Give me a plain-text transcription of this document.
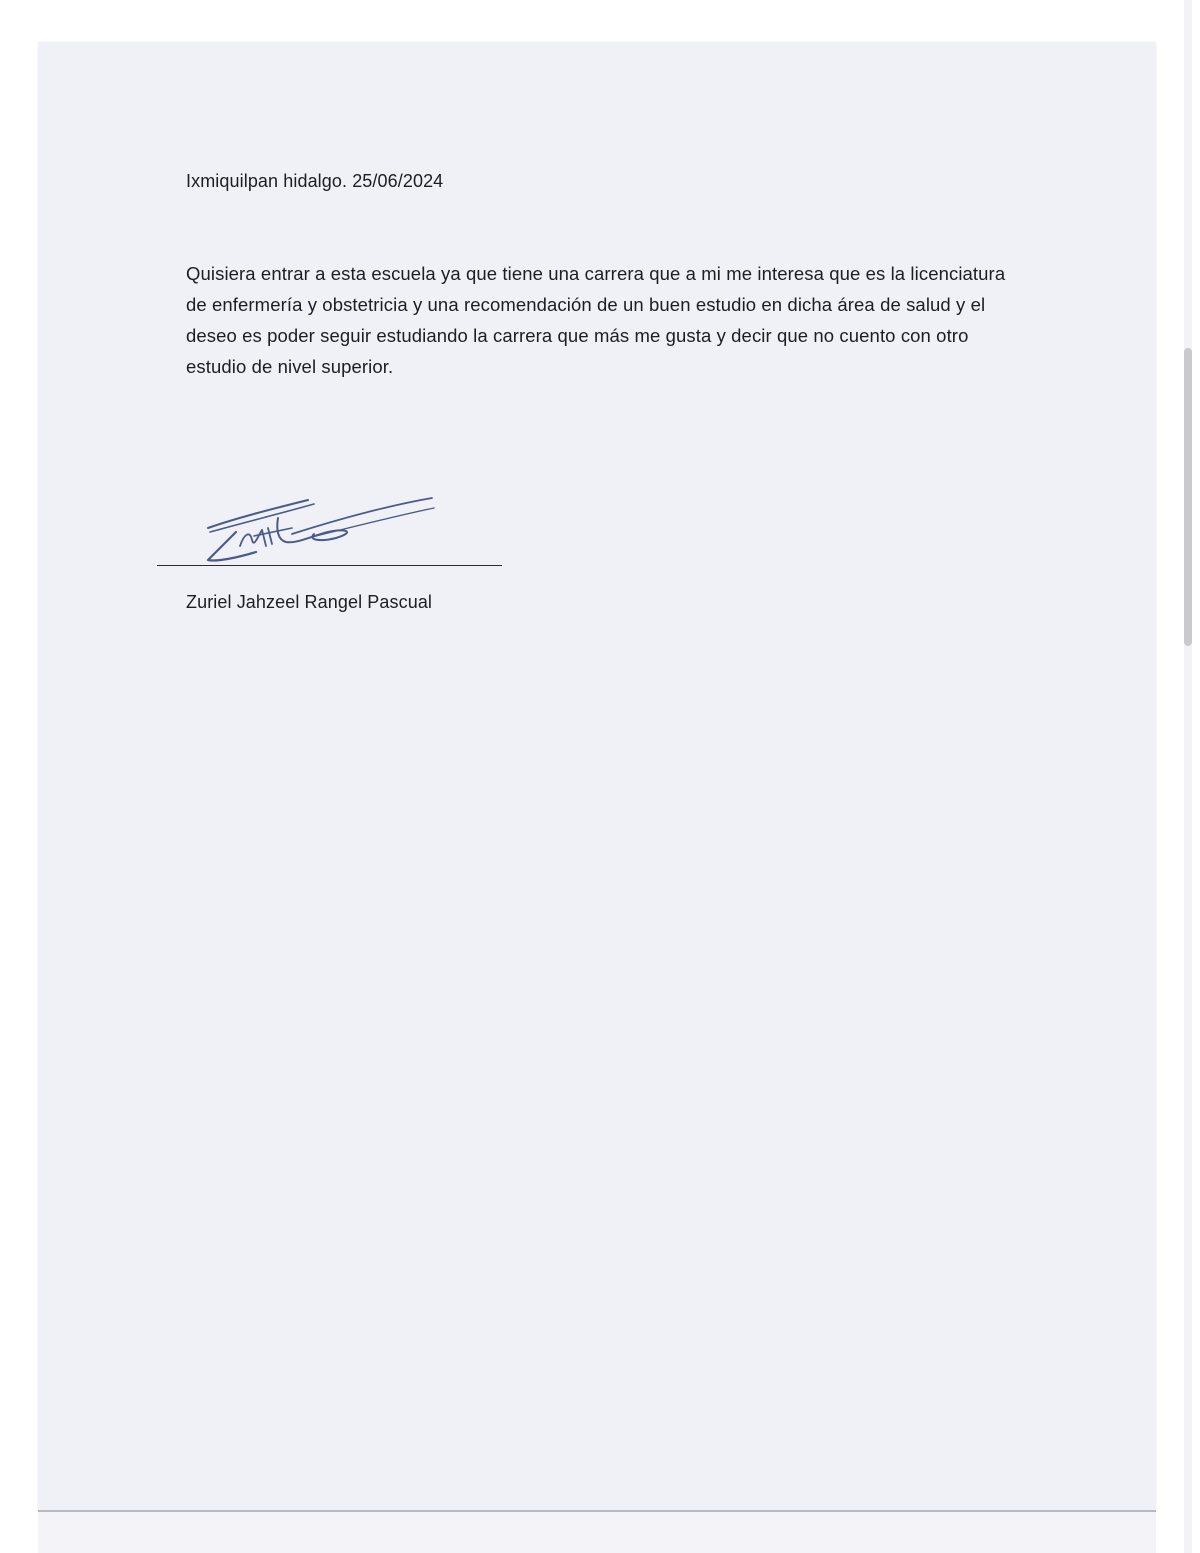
Ixmiquilpan hidalgo. 25/06/2024
Quisiera entrar a esta escuela ya que tiene una carrera que a mi me interesa que es la licenciatura de enfermería y obstetricia y una recomendación de un buen estudio en dicha área de salud y el deseo es poder seguir estudiando la carrera que más me gusta y decir que no cuento con otro estudio de nivel superior.
Zuriel Jahzeel Rangel Pascual
